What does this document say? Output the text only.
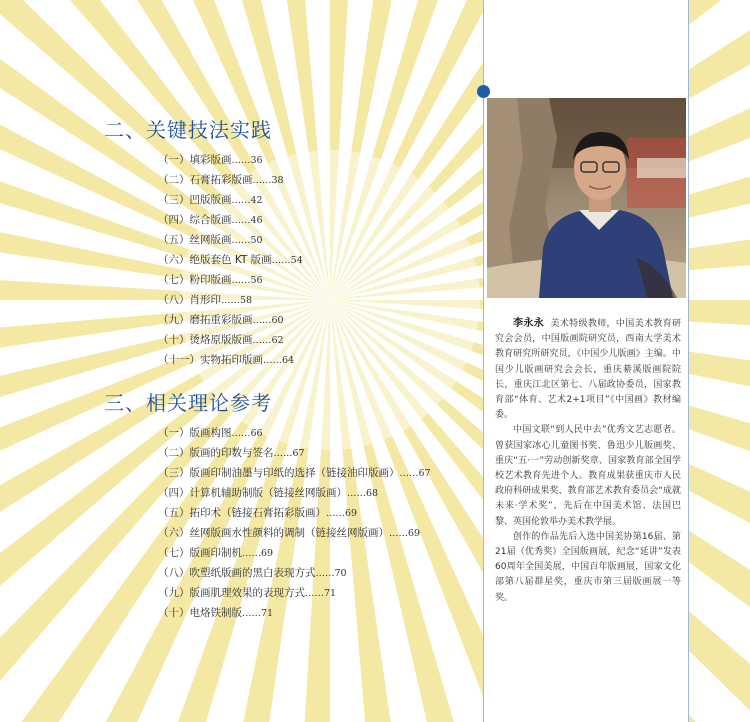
二、关键技法实践
（一）填彩版画……36
（二）石膏拓彩版画……38
（三）凹版版画……42
（四）综合版画……46
（五）丝网版画……50
（六）绝版套色 KT 版画……54
（七）粉印版画……56
（八）肖形印……58
（九）磨拓重彩版画……60
（十）烫烙原版版画……62
（十一）实物拓印版画……64
三、相关理论参考
（一）版画构图……66
（二）版画的印数与签名……67
（三）版画印制油墨与印纸的选择（链接油印版画）……67
（四）计算机辅助制版（链接丝网版画）……68
（五）拓印术（链接石膏拓彩版画）……69
（六）丝网版画水性颜料的调制（链接丝网版画）……69
（七）版画印制机……69
（八）吹塑纸版画的黑白表现方式……70
（九）版画肌理效果的表现方式……71
（十）电烙铁制版……71

李永永 美术特级教师，中国美术教育研究会会员，中国版画院研究员，西南大学美术教育研究所研究员，《中国少儿版画》主编。中国少儿版画研究会会长，重庆綦溪版画院院长，重庆江北区第七、八届政协委员，国家教育部“体育、艺术2+1项目”《中国画》教材编委。

中国文联“到人民中去”优秀文艺志愿者。曾获国家冰心儿童图书奖、鲁迅少儿版画奖、重庆“五·一”劳动创新奖章、国家教育部全国学校艺术教育先进个人。教育成果获重庆市人民政府科研成果奖、教育部艺术教育委员会“成就未来·学术奖”，先后在中国美术馆、法国巴黎、英国伦敦举办美术教学展。

创作的作品先后入选中国美协第16届、第21届（优秀奖）全国版画展，纪念“延讲”发表60周年全国美展，中国百年版画展，国家文化部第八届群星奖，重庆市第三届版画展一等奖。
